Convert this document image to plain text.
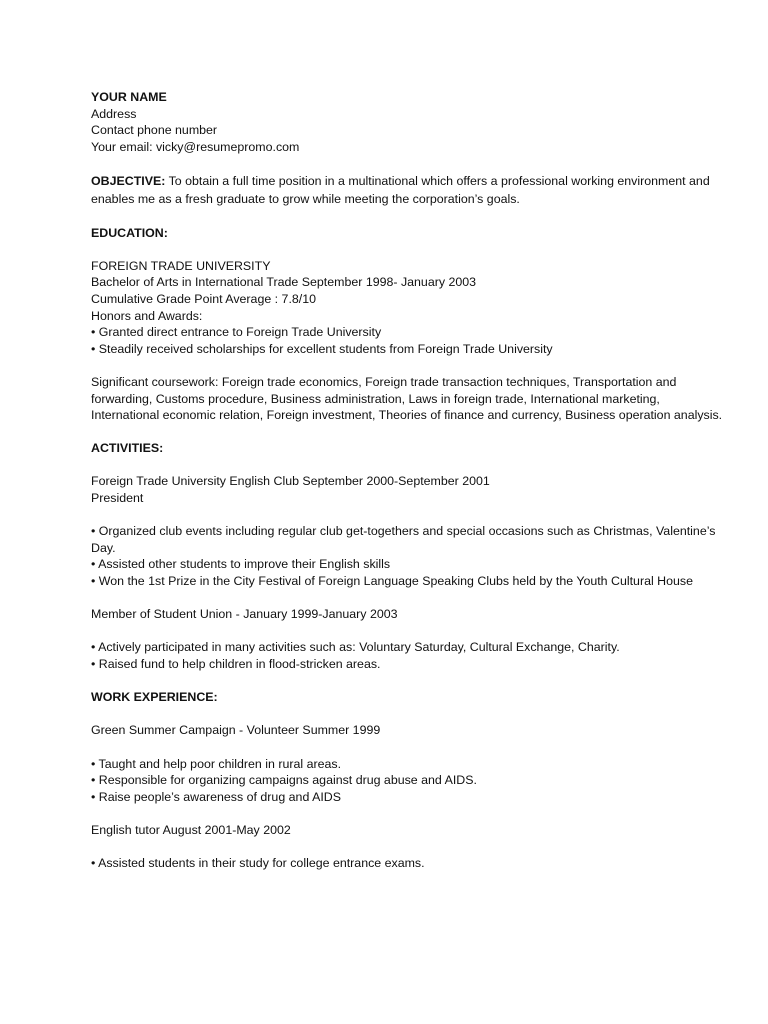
YOUR NAME

Address

Contact phone number

Your email: vicky@resumepromo.com

OBJECTIVE: To obtain a full time position in a multinational which offers a professional working environment and enables me as a fresh graduate to grow while meeting the corporation’s goals.

EDUCATION:

FOREIGN TRADE UNIVERSITY

Bachelor of Arts in International Trade September 1998- January 2003

Cumulative Grade Point Average : 7.8/10

Honors and Awards:

• Granted direct entrance to Foreign Trade University

• Steadily received scholarships for excellent students from Foreign Trade University

Significant coursework: Foreign trade economics, Foreign trade transaction techniques, Transportation and forwarding, Customs procedure, Business administration, Laws in foreign trade, International marketing, International economic relation, Foreign investment, Theories of finance and currency, Business operation analysis.

ACTIVITIES:

Foreign Trade University English Club September 2000-September 2001

President

• Organized club events including regular club get-togethers and special occasions such as Christmas, Valentine’s Day.

• Assisted other students to improve their English skills

• Won the 1st Prize in the City Festival of Foreign Language Speaking Clubs held by the Youth Cultural House

Member of Student Union - January 1999-January 2003

• Actively participated in many activities such as: Voluntary Saturday, Cultural Exchange, Charity.

• Raised fund to help children in flood-stricken areas.

WORK EXPERIENCE:

Green Summer Campaign - Volunteer Summer 1999

• Taught and help poor children in rural areas.

• Responsible for organizing campaigns against drug abuse and AIDS.

• Raise people’s awareness of drug and AIDS

English tutor August 2001-May 2002

• Assisted students in their study for college entrance exams.
